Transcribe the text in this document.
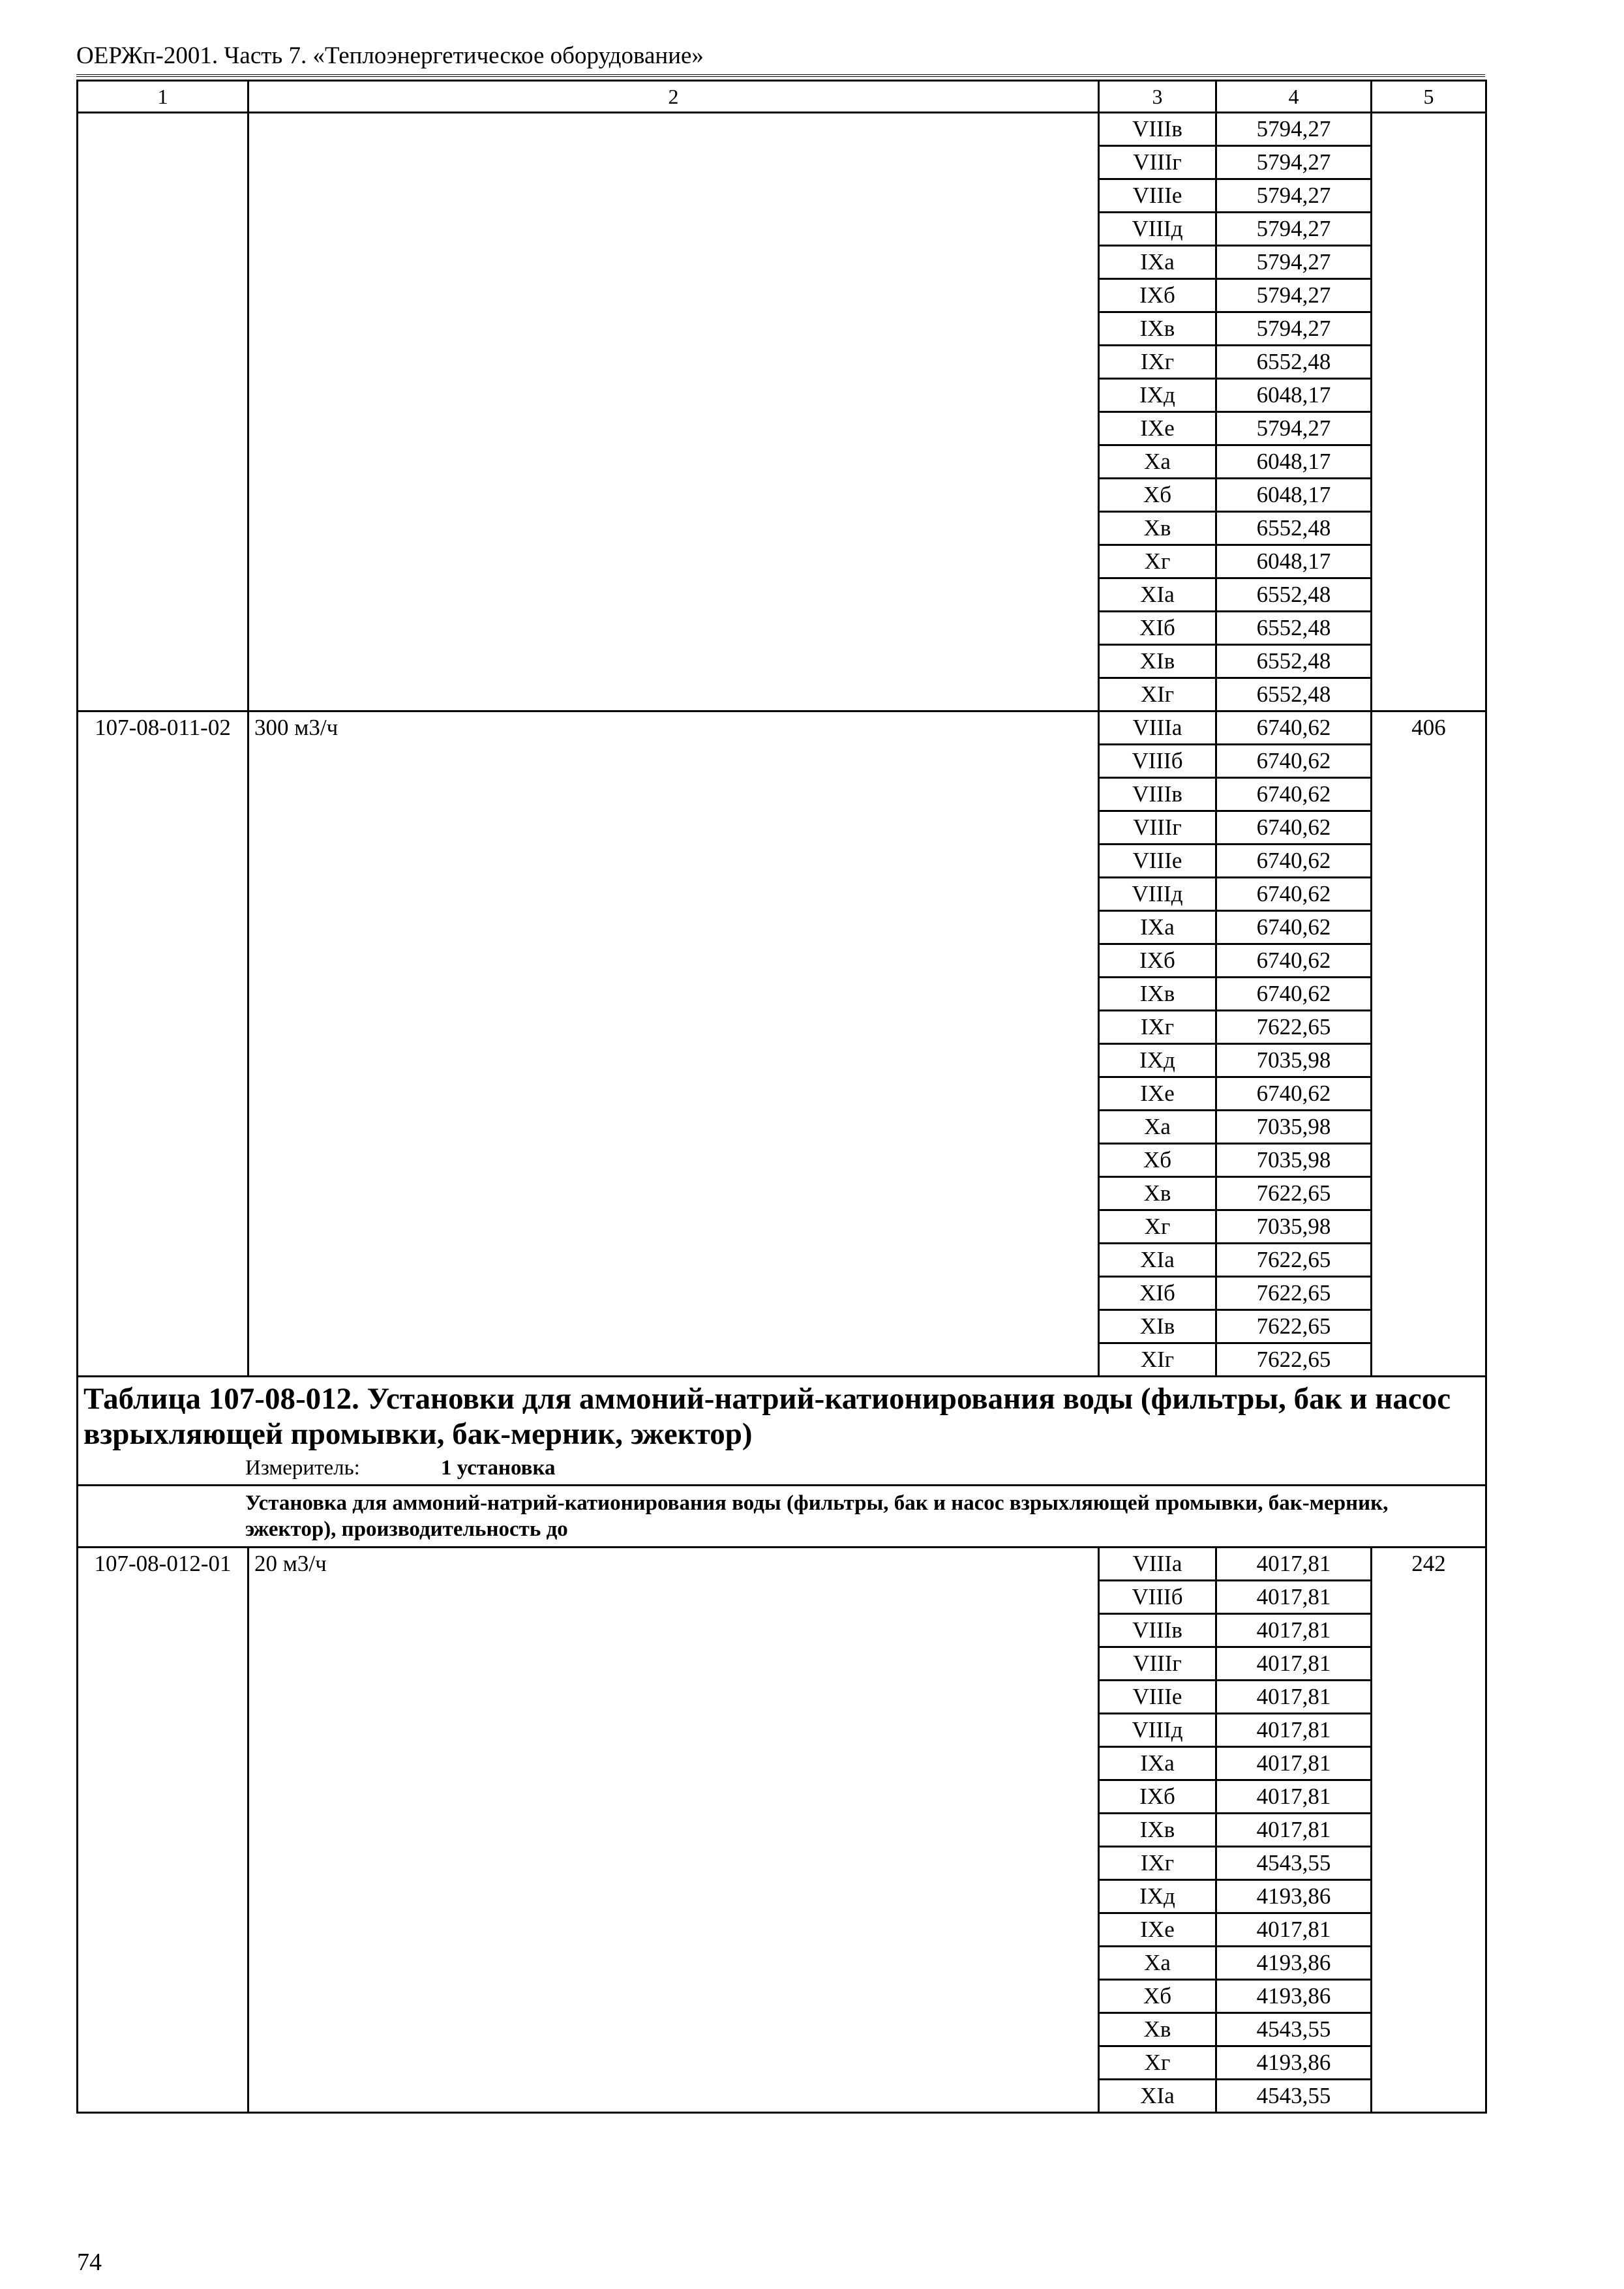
ОЕРЖп-2001. Часть 7. «Теплоэнергетическое оборудование»
1	2	3	4	5
		VIIIв	5794,27	
		VIIIг	5794,27	
		VIIIе	5794,27	
		VIIIд	5794,27	
		IXа	5794,27	
		IXб	5794,27	
		IXв	5794,27	
		IXг	6552,48	
		IXд	6048,17	
		IXе	5794,27	
		Xа	6048,17	
		Xб	6048,17	
		Xв	6552,48	
		Xг	6048,17	
		XIа	6552,48	
		XIб	6552,48	
		XIв	6552,48	
		XIг	6552,48	
107-08-011-02	300 м3/ч	VIIIа	6740,62	406
		VIIIб	6740,62	
		VIIIв	6740,62	
		VIIIг	6740,62	
		VIIIе	6740,62	
		VIIIд	6740,62	
		IXа	6740,62	
		IXб	6740,62	
		IXв	6740,62	
		IXг	7622,65	
		IXд	7035,98	
		IXе	6740,62	
		Xа	7035,98	
		Xб	7035,98	
		Xв	7622,65	
		Xг	7035,98	
		XIа	7622,65	
		XIб	7622,65	
		XIв	7622,65	
		XIг	7622,65	

Таблица 107-08-012. Установки для аммоний-натрий-катионирования воды (фильтры, бак и насос взрыхляющей промывки, бак-мерник, эжектор)
Измеритель: 1 установка				

Установка для аммоний-натрий-катионирования воды (фильтры, бак и насос взрыхляющей промывки, бак-мерник, эжектор), производительность до				

107-08-012-01	20 м3/ч	VIIIа	4017,81	242
		VIIIб	4017,81	
		VIIIв	4017,81	
		VIIIг	4017,81	
		VIIIе	4017,81	
		VIIIд	4017,81	
		IXа	4017,81	
		IXб	4017,81	
		IXв	4017,81	
		IXг	4543,55	
		IXд	4193,86	
		IXе	4017,81	
		Xа	4193,86	
		Xб	4193,86	
		Xв	4543,55	
		Xг	4193,86	
		XIа	4543,55	
74
